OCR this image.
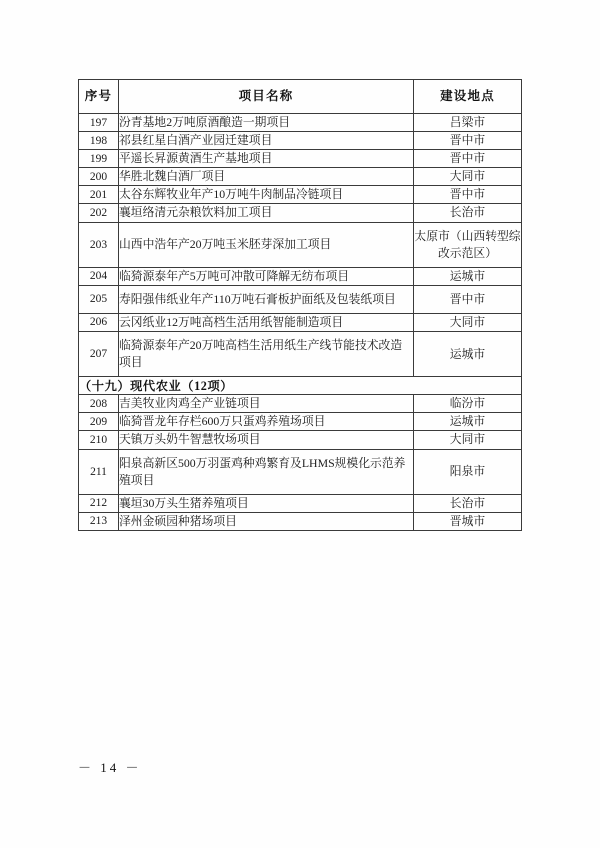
序号	项目名称	建设地点
197	汾青基地2万吨原酒酿造一期项目	吕梁市
198	祁县红星白酒产业园迁建项目	晋中市
199	平遥长昇源黄酒生产基地项目	晋中市
200	华胜北魏白酒厂项目	大同市
201	太谷东辉牧业年产10万吨牛肉制品冷链项目	晋中市
202	襄垣络清元杂粮饮料加工项目	长治市
203	山西中浩年产20万吨玉米胚芽深加工项目	太原市（山西转型综改示范区）
204	临猗源泰年产5万吨可冲散可降解无纺布项目	运城市
205	寿阳强伟纸业年产110万吨石膏板护面纸及包装纸项目	晋中市
206	云冈纸业12万吨高档生活用纸智能制造项目	大同市
207	临猗源泰年产20万吨高档生活用纸生产线节能技术改造项目	运城市
（十九）现代农业（12项）		
208	吉美牧业肉鸡全产业链项目	临汾市
209	临猗晋龙年存栏600万只蛋鸡养殖场项目	运城市
210	天镇万头奶牛智慧牧场项目	大同市
211	阳泉高新区500万羽蛋鸡种鸡繁育及LHMS规模化示范养殖项目	阳泉市
212	襄垣30万头生猪养殖项目	长治市
213	泽州金硕园种猪场项目	晋城市
－ 14 －
